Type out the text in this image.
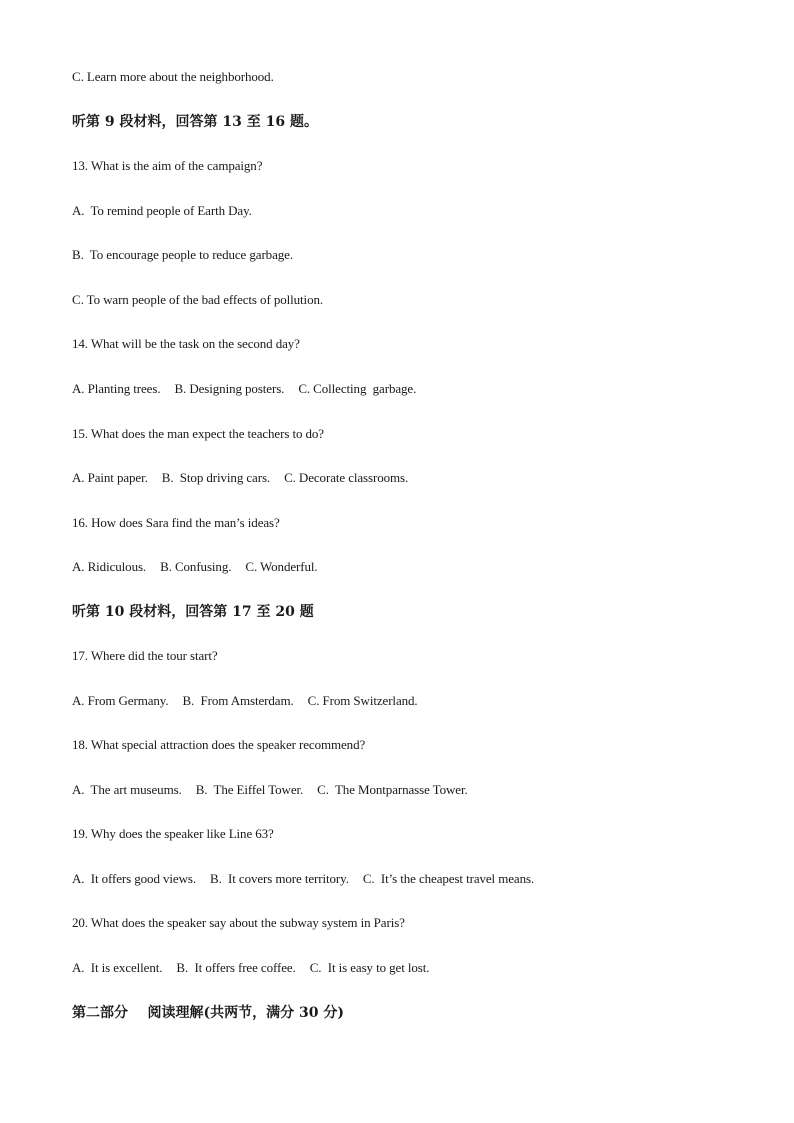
C. Learn more about the neighborhood.
听第 9 段材料，回答第 13 至 16 题。
13. What is the aim of the campaign?
A.  To remind people of Earth Day.
B.  To encourage people to reduce garbage.
C. To warn people of the bad effects of pollution.
14. What will be the task on the second day?
A. Planting trees. B. Designing posters. C. Collecting  garbage.
15. What does the man expect the teachers to do?
A. Paint paper. B.  Stop driving cars. C. Decorate classrooms.
16. How does Sara find the man’s ideas?
A. Ridiculous. B. Confusing. C. Wonderful.
听第 10 段材料，回答第 17 至 20 题
17. Where did the tour start?
A. From Germany. B.  From Amsterdam. C. From Switzerland.
18. What special attraction does the speaker recommend?
A.  The art museums. B.  The Eiffel Tower. C.  The Montparnasse Tower.
19. Why does the speaker like Line 63?
A.  It offers good views. B.  It covers more territory. C.  It’s the cheapest travel means.
20. What does the speaker say about the subway system in Paris?
A.  It is excellent. B.  It offers free coffee. C.  It is easy to get lost.
第二部分    阅读理解(共两节，满分 30 分)
